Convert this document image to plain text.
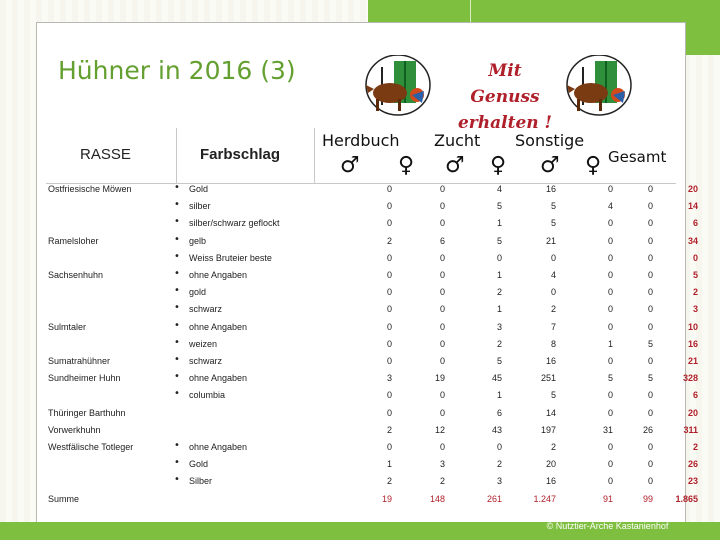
Hühner in 2016 (3)	Mit Genuss
erhalten !
RASSE	Farbschlag
Herdbuch Zucht Sonstige
♂ ♀ ♂ ♀ ♂ ♀ Gesamt
Ostfriesische Möwen	• Gold	0	0	4	16	0	0	20
• silber	0	0	5	5	4	0	14
• silber/schwarz geflockt	0	0	1	5	0	0	6
Ramelsloher	• gelb	2	6	5	21	0	0	34
• Weiss Bruteier beste	0	0	0	0	0	0	0
Sachsenhuhn	• ohne Angaben	0	0	1	4	0	0	5
• gold	0	0	2	0	0	0	2
• schwarz	0	0	1	2	0	0	3
Sulmtaler	• ohne Angaben	0	0	3	7	0	0	10
• weizen	0	0	2	8	1	5	16
Sumatrahühner	• schwarz	0	0	5	16	0	0	21
Sundheimer Huhn	• ohne Angaben	3	19	45	251	5	5	328
• columbia	0	0	1	5	0	0	6
Thüringer Barthuhn	0	0	6	14	0	0	20
Vorwerkhuhn	2	12	43	197	31	26	311
Westfälische Totleger	• ohne Angaben	0	0	0	2	0	0	2
• Gold	1	3	2	20	0	0	26
• Silber	2	2	3	16	0	0	23
Summe	19	148	261	1.247	91	99	1.865
© Nutztier-Arche Kastanienhof
